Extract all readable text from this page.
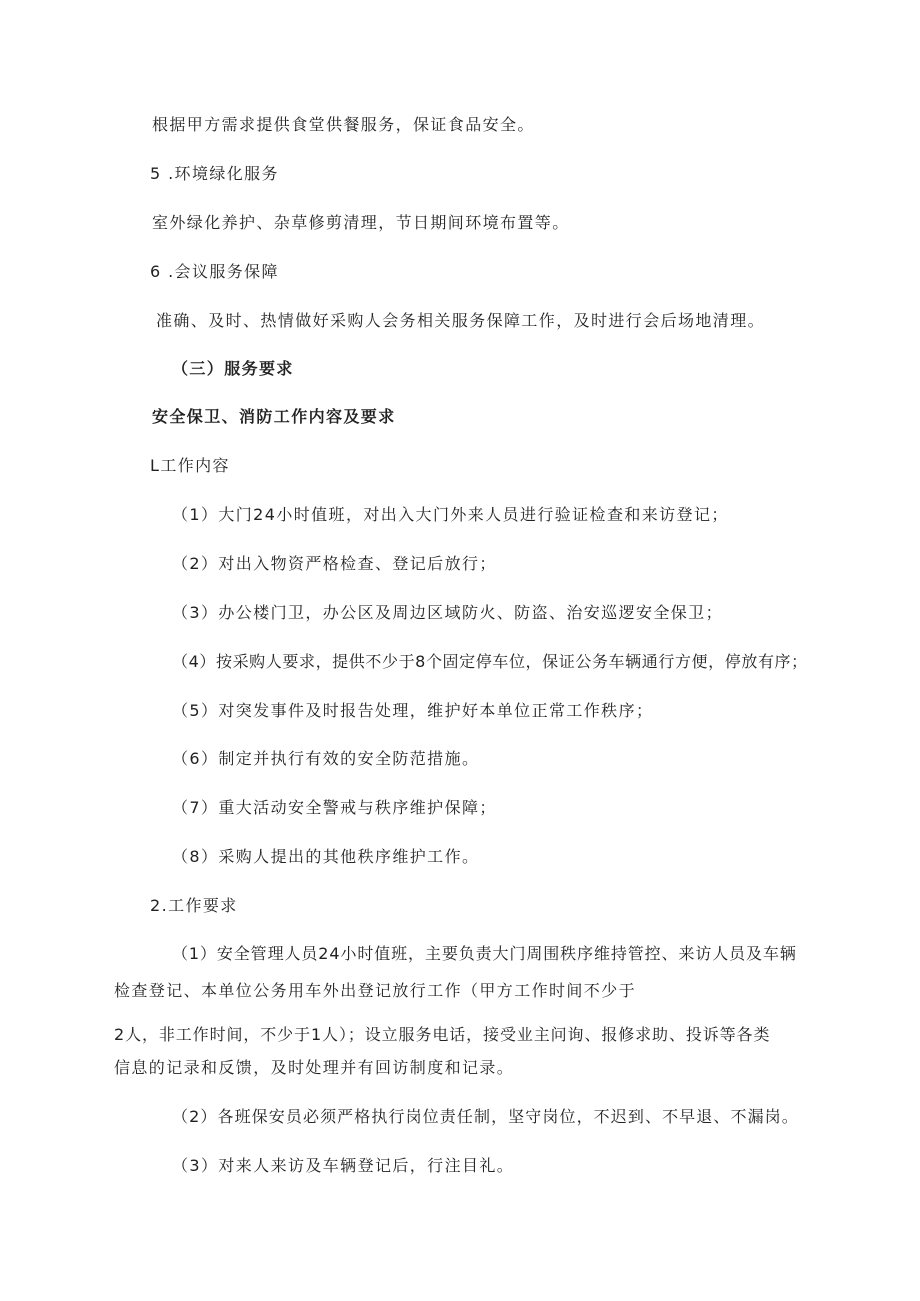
根据甲方需求提供食堂供餐服务，保证食品安全。
5 .环境绿化服务
室外绿化养护、杂草修剪清理，节日期间环境布置等。
6 .会议服务保障
准确、及时、热情做好采购人会务相关服务保障工作，及时进行会后场地清理。
（三）服务要求
安全保卫、消防工作内容及要求
L工作内容
（1）大门24小时值班，对出入大门外来人员进行验证检查和来访登记；
（2）对出入物资严格检查、登记后放行；
（3）办公楼门卫，办公区及周边区域防火、防盗、治安巡逻安全保卫；
（4）按采购人要求，提供不少于8个固定停车位，保证公务车辆通行方便，停放有序；
（5）对突发事件及时报告处理，维护好本单位正常工作秩序；
（6）制定并执行有效的安全防范措施。
（7）重大活动安全警戒与秩序维护保障；
（8）采购人提出的其他秩序维护工作。
2.工作要求
（1）安全管理人员24小时值班，主要负责大门周围秩序维持管控、来访人员及车辆
检查登记、本单位公务用车外出登记放行工作（甲方工作时间不少于
2人，非工作时间，不少于1人）；设立服务电话，接受业主问询、报修求助、投诉等各类
信息的记录和反馈，及时处理并有回访制度和记录。
（2）各班保安员必须严格执行岗位责任制，坚守岗位，不迟到、不早退、不漏岗。
（3）对来人来访及车辆登记后，行注目礼。
